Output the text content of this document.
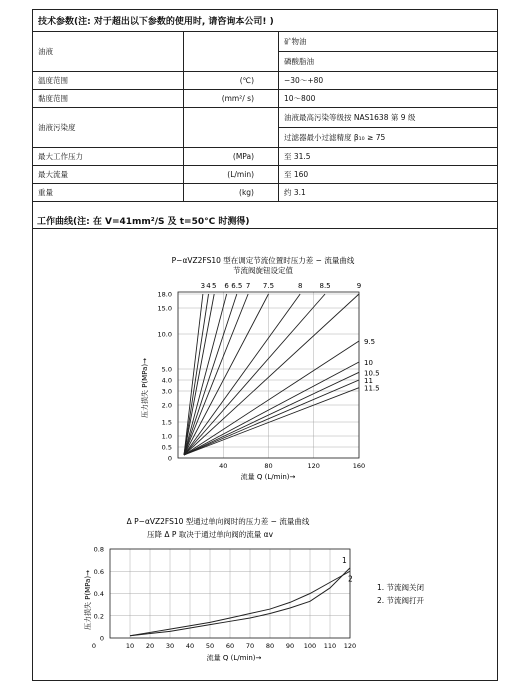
技术参数(注: 对于超出以下参数的使用时, 请咨询本公司! )		
油液		矿物油
磷酸脂油

温度范围	(℃)	−30～+80
黏度范围	(mm²/ s)	10～800
油液污染度		油液最高污染等级按 NAS1638 第 9 级
过滤器最小过滤精度 β₁₀ ≥ 75

最大工作压力	(MPa)	至 31.5
最大流量	(L/min)	至 160
重量	(kg)	约 3.1
工作曲线(注: 在 V=41mm²/S 及 t=50°C 时测得)
P−αVZ2FS10 型在调定节流位置时压力差 − 流量曲线
节流阀旋钮设定值
0
0.5
1.0
1.5
2.0
3.0
4.0
5.0
10.0
15.0
18.0
40	80	120	160
流量 Q (L/min)→
压力损失 P(MPa)→
3 4 5 6 6.5 7 7.5	8 8.5	9
9.5
10
10.5
11
11.5
Δ P−αVZ2FS10 型通过单向阀时的压力差 − 流量曲线
压降 Δ P 取决于通过单向阀的流量 αv
0
0.2
0.4
0.6
0.8
0	10 20 30 40 50 60 70 80 90 100 110 120
流量 Q (L/min)→
压力损失 P(MPa)→
1
2
1. 节流阀关闭
2. 节流阀打开
